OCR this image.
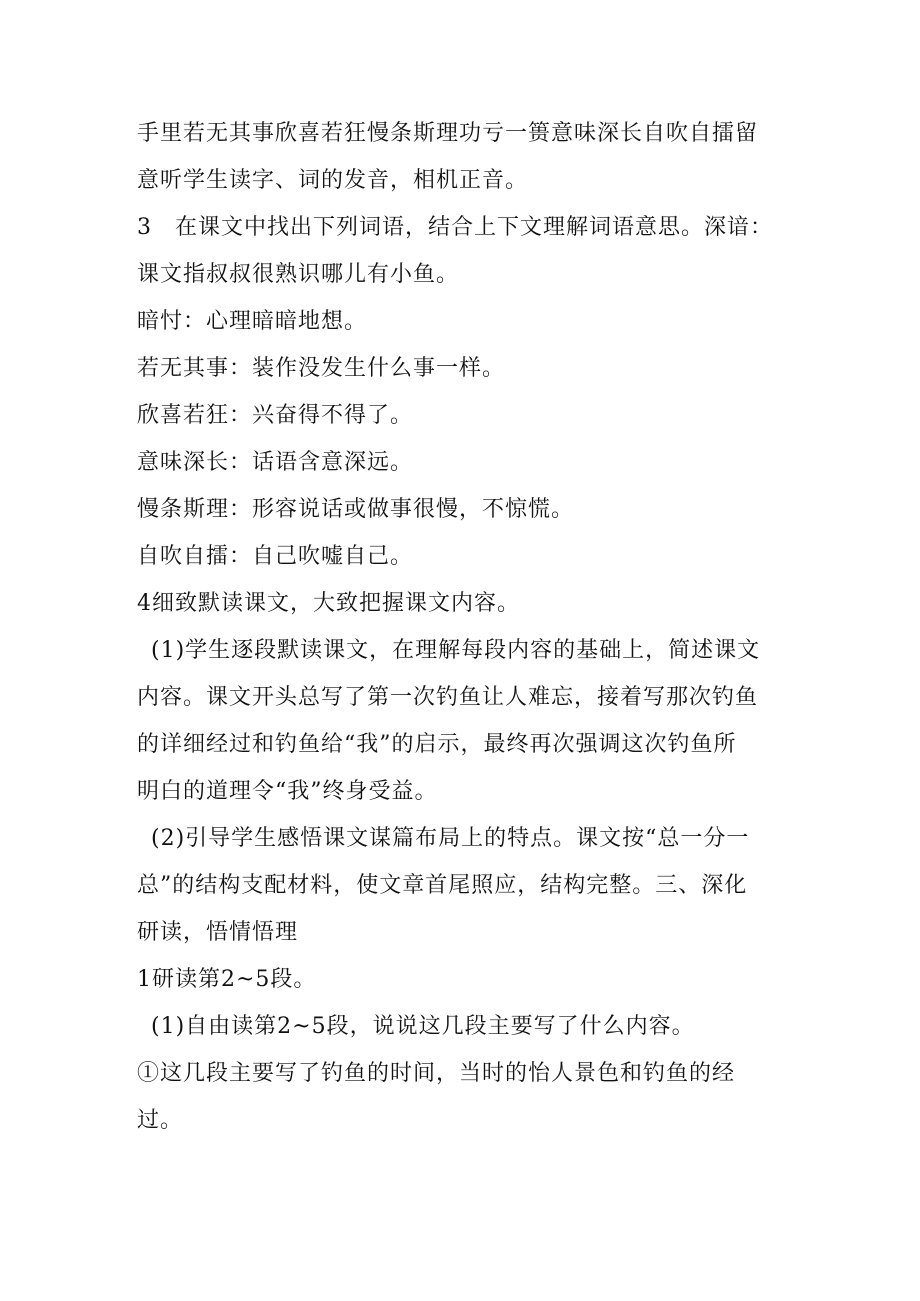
手里若无其事欣喜若狂慢条斯理功亏一篑意味深长自吹自擂留
意听学生读字、词的发音，相机正音。
3　在课文中找出下列词语，结合上下文理解词语意思。深谙：
课文指叔叔很熟识哪儿有小鱼。
暗忖：心理暗暗地想。
若无其事：装作没发生什么事一样。
欣喜若狂：兴奋得不得了。
意味深长：话语含意深远。
慢条斯理：形容说话或做事很慢，不惊慌。
自吹自擂：自己吹嘘自己。
4细致默读课文，大致把握课文内容。
(1)学生逐段默读课文，在理解每段内容的基础上，简述课文
内容。课文开头总写了第一次钓鱼让人难忘，接着写那次钓鱼
的详细经过和钓鱼给“我”的启示，最终再次强调这次钓鱼所
明白的道理令“我”终身受益。
(2)引导学生感悟课文谋篇布局上的特点。课文按“总一分一
总”的结构支配材料，使文章首尾照应，结构完整。三、深化
研读，悟情悟理
1研读第2~5段。
(1)自由读第2~5段，说说这几段主要写了什么内容。
①这几段主要写了钓鱼的时间，当时的怡人景色和钓鱼的经
过。
